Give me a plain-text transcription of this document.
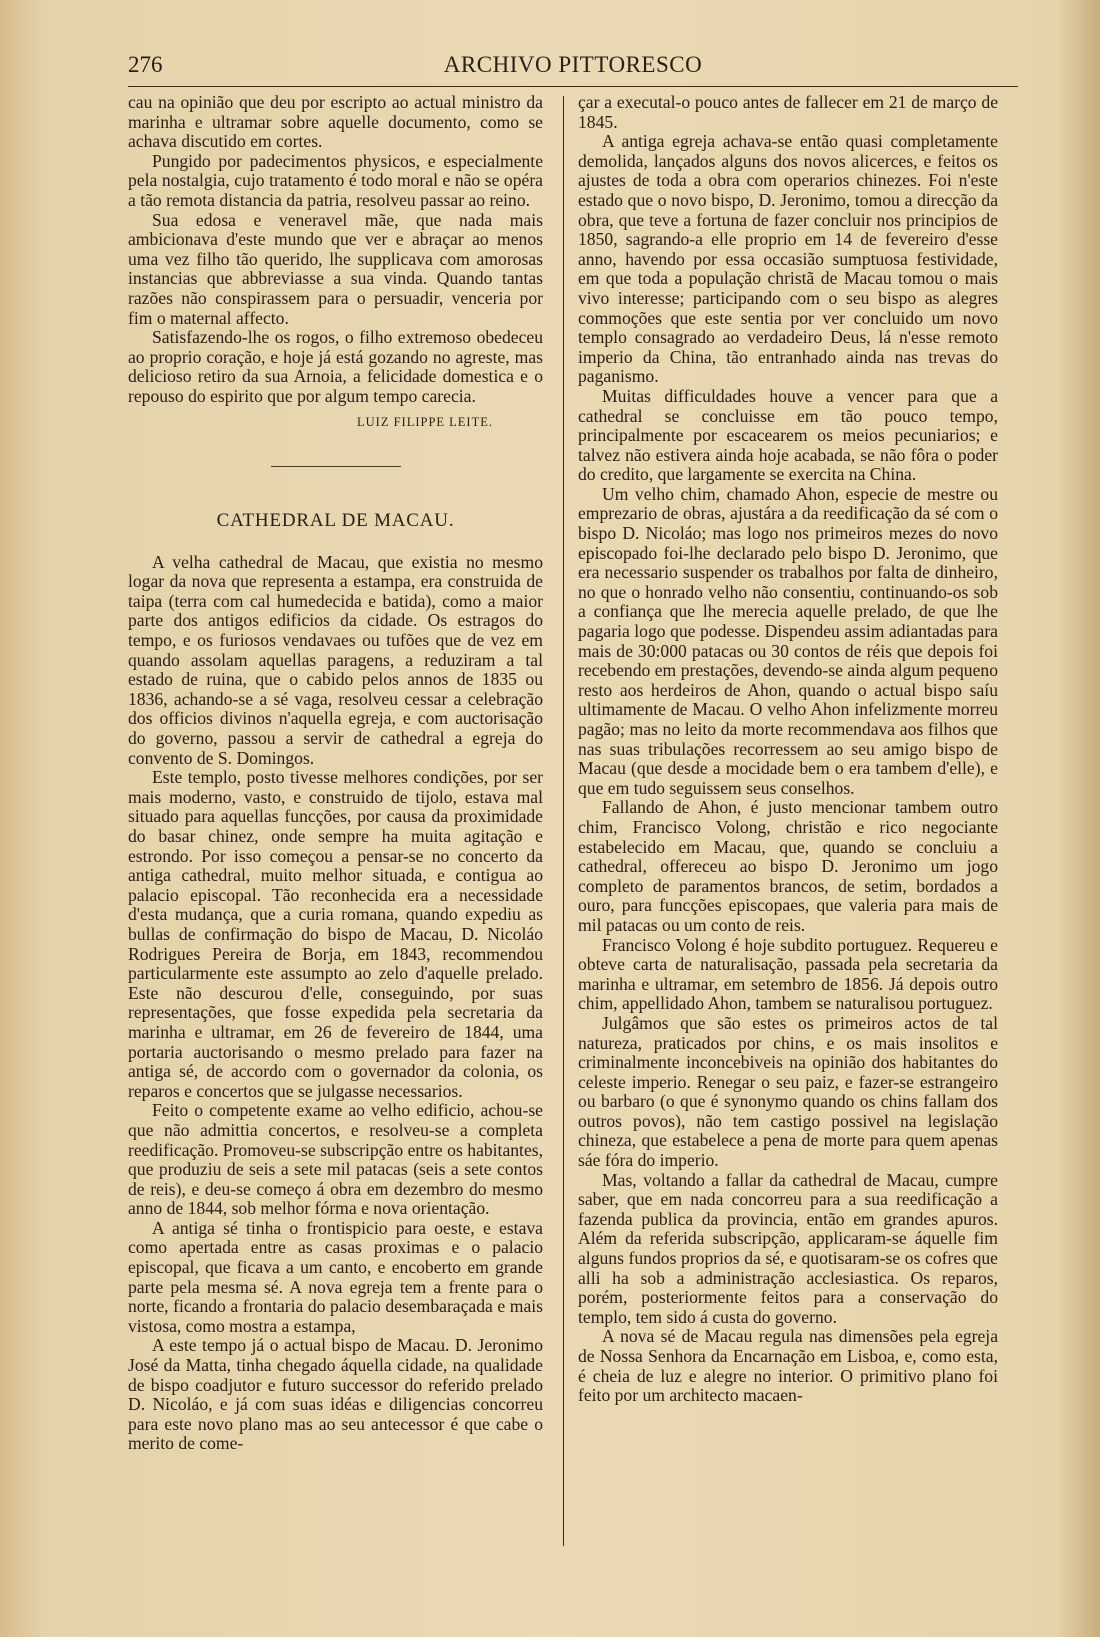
276	ARCHIVO PITTORESCO

cau na opinião que deu por escripto ao actual ministro da marinha e ultramar sobre aquelle documento, como se achava discutido em cortes.

Pungido por padecimentos physicos, e especialmente pela nostalgia, cujo tratamento é todo moral e não se opéra a tão remota distancia da patria, resolveu passar ao reino.

Sua edosa e veneravel mãe, que nada mais ambicionava d'este mundo que ver e abraçar ao menos uma vez filho tão querido, lhe supplicava com amorosas instancias que abbreviasse a sua vinda. Quando tantas razões não conspirassem para o persuadir, venceria por fim o maternal affecto.

Satisfazendo-lhe os rogos, o filho extremoso obedeceu ao proprio coração, e hoje já está gozando no agreste, mas delicioso retiro da sua Arnoia, a felicidade domestica e o repouso do espirito que por algum tempo carecia.

LUIZ FILIPPE LEITE.
CATHEDRAL DE MACAU.

A velha cathedral de Macau, que existia no mesmo logar da nova que representa a estampa, era construida de taipa (terra com cal humedecida e batida), como a maior parte dos antigos edificios da cidade. Os estragos do tempo, e os furiosos vendavaes ou tufões que de vez em quando assolam aquellas paragens, a reduziram a tal estado de ruina, que o cabido pelos annos de 1835 ou 1836, achando-se a sé vaga, resolveu cessar a celebração dos officios divinos n'aquella egreja, e com auctorisação do governo, passou a servir de cathedral a egreja do convento de S. Domingos.

Este templo, posto tivesse melhores condições, por ser mais moderno, vasto, e construido de tijolo, estava mal situado para aquellas funcções, por causa da proximidade do basar chinez, onde sempre ha muita agitação e estrondo. Por isso começou a pensar-se no concerto da antiga cathedral, muito melhor situada, e contigua ao palacio episcopal. Tão reconhecida era a necessidade d'esta mudança, que a curia romana, quando expediu as bullas de confirmação do bispo de Macau, D. Nicoláo Rodrigues Pereira de Borja, em 1843, recommendou particularmente este assumpto ao zelo d'aquelle prelado. Este não descurou d'elle, conseguindo, por suas representações, que fosse expedida pela secretaria da marinha e ultramar, em 26 de fevereiro de 1844, uma portaria auctorisando o mesmo prelado para fazer na antiga sé, de accordo com o governador da colonia, os reparos e concertos que se julgasse necessarios.

Feito o competente exame ao velho edificio, achou-se que não admittia concertos, e resolveu-se a completa reedificação. Promoveu-se subscripção entre os habitantes, que produziu de seis a sete mil patacas (seis a sete contos de reis), e deu-se começo á obra em dezembro do mesmo anno de 1844, sob melhor fórma e nova orientação.

A antiga sé tinha o frontispicio para oeste, e estava como apertada entre as casas proximas e o palacio episcopal, que ficava a um canto, e encoberto em grande parte pela mesma sé. A nova egreja tem a frente para o norte, ficando a frontaria do palacio desembaraçada e mais vistosa, como mostra a estampa,

A este tempo já o actual bispo de Macau. D. Jeronimo José da Matta, tinha chegado áquella cidade, na qualidade de bispo coadjutor e futuro successor do referido prelado D. Nicoláo, e já com suas idéas e diligencias concorreu para este novo plano mas ao seu antecessor é que cabe o merito de come-

çar a executal-o pouco antes de fallecer em 21 de março de 1845.

A antiga egreja achava-se então quasi completamente demolida, lançados alguns dos novos alicerces, e feitos os ajustes de toda a obra com operarios chinezes. Foi n'este estado que o novo bispo, D. Jeronimo, tomou a direcção da obra, que teve a fortuna de fazer concluir nos principios de 1850, sagrando-a elle proprio em 14 de fevereiro d'esse anno, havendo por essa occasião sumptuosa festividade, em que toda a população christã de Macau tomou o mais vivo interesse; participando com o seu bispo as alegres commoções que este sentia por ver concluido um novo templo consagrado ao verdadeiro Deus, lá n'esse remoto imperio da China, tão entranhado ainda nas trevas do paganismo.

Muitas difficuldades houve a vencer para que a cathedral se concluisse em tão pouco tempo, principalmente por escacearem os meios pecuniarios; e talvez não estivera ainda hoje acabada, se não fôra o poder do credito, que largamente se exercita na China.

Um velho chim, chamado Ahon, especie de mestre ou emprezario de obras, ajustára a da reedificação da sé com o bispo D. Nicoláo; mas logo nos primeiros mezes do novo episcopado foi-lhe declarado pelo bispo D. Jeronimo, que era necessario suspender os trabalhos por falta de dinheiro, no que o honrado velho não consentiu, continuando-os sob a confiança que lhe merecia aquelle prelado, de que lhe pagaria logo que podesse. Dispendeu assim adiantadas para mais de 30:000 patacas ou 30 contos de réis que depois foi recebendo em prestações, devendo-se ainda algum pequeno resto aos herdeiros de Ahon, quando o actual bispo saíu ultimamente de Macau. O velho Ahon infelizmente morreu pagão; mas no leito da morte recommendava aos filhos que nas suas tribulações recorressem ao seu amigo bispo de Macau (que desde a mocidade bem o era tambem d'elle), e que em tudo seguissem seus conselhos.

Fallando de Ahon, é justo mencionar tambem outro chim, Francisco Volong, christão e rico negociante estabelecido em Macau, que, quando se concluiu a cathedral, offereceu ao bispo D. Jeronimo um jogo completo de paramentos brancos, de setim, bordados a ouro, para funcções episcopaes, que valeria para mais de mil patacas ou um conto de reis.

Francisco Volong é hoje subdito portuguez. Requereu e obteve carta de naturalisação, passada pela secretaria da marinha e ultramar, em setembro de 1856. Já depois outro chim, appellidado Ahon, tambem se naturalisou portuguez.

Julgâmos que são estes os primeiros actos de tal natureza, praticados por chins, e os mais insolitos e criminalmente inconcebiveis na opinião dos habitantes do celeste imperio. Renegar o seu paiz, e fazer-se estrangeiro ou barbaro (o que é synonymo quando os chins fallam dos outros povos), não tem castigo possivel na legislação chineza, que estabelece a pena de morte para quem apenas sáe fóra do imperio.

Mas, voltando a fallar da cathedral de Macau, cumpre saber, que em nada concorreu para a sua reedificação a fazenda publica da provincia, então em grandes apuros. Além da referida subscripção, applicaram-se áquelle fim alguns fundos proprios da sé, e quotisaram-se os cofres que alli ha sob a administração acclesiastica. Os reparos, porém, posteriormente feitos para a conservação do templo, tem sido á custa do governo.

A nova sé de Macau regula nas dimensões pela egreja de Nossa Senhora da Encarnação em Lisboa, e, como esta, é cheia de luz e alegre no interior. O primitivo plano foi feito por um architecto macaen-
